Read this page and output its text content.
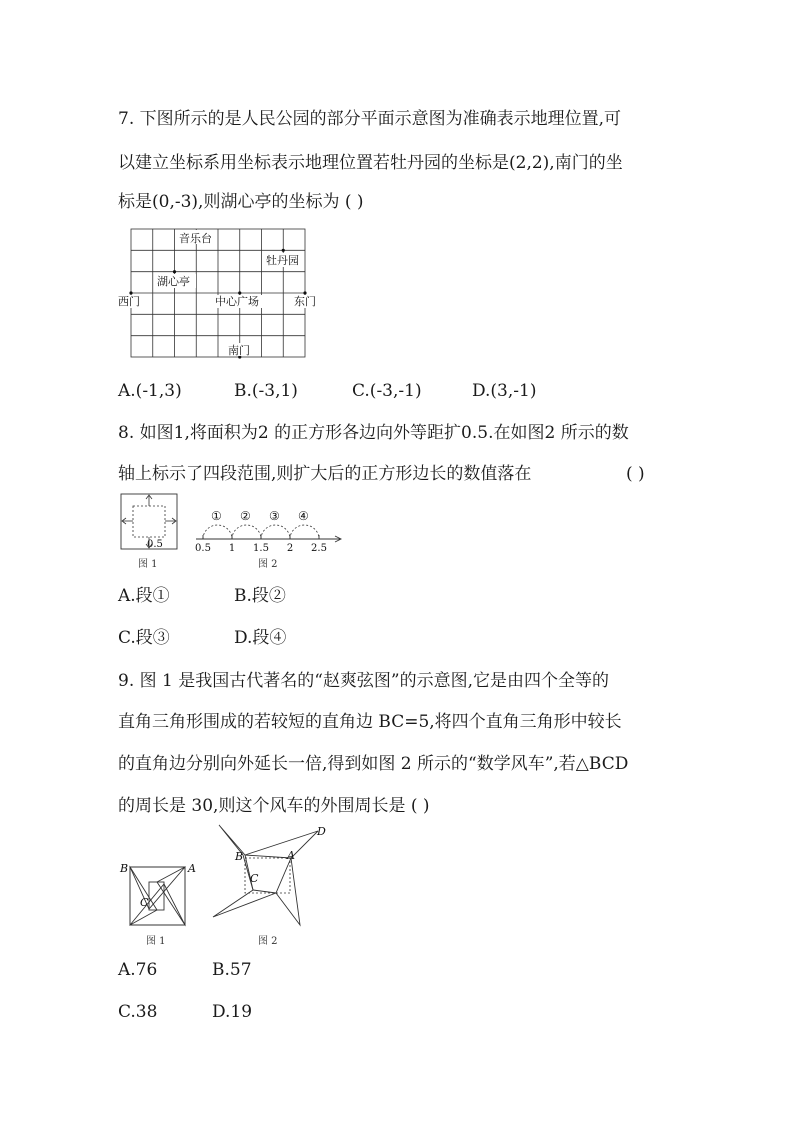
7. 下图所示的是人民公园的部分平面示意图为准确表示地理位置,可
以建立坐标系用坐标表示地理位置若牡丹园的坐标是(2,2),南门的坐
标是(0,-3),则湖心亭的坐标为 ( )
音乐台
牡丹园
湖心亭
西门	中心广场	东门
南门
A.(-1,3)	B.(-3,1)	C.(-3,-1)	D.(3,-1)
8. 如图1,将面积为2 的正方形各边向外等距扩0.5.在如图2 所示的数
轴上标示了四段范围,则扩大后的正方形边长的数值落在	( )
0.5
图 1
① ② ③ ④
0.5 1 1.5 2 2.5
图 2
A.段①	B.段②
C.段③	D.段④
9. 图 1 是我国古代著名的“赵爽弦图”的示意图,它是由四个全等的
直角三角形围成的若较短的直角边 BC=5,将四个直角三角形中较长
的直角边分别向外延长一倍,得到如图 2 所示的“数学风车”,若△BCD
的周长是 30,则这个风车的外围周长是 ( )
B	A
C
图 1
B	A
C
D
图 2
A.76	B.57
C.38	D.19
